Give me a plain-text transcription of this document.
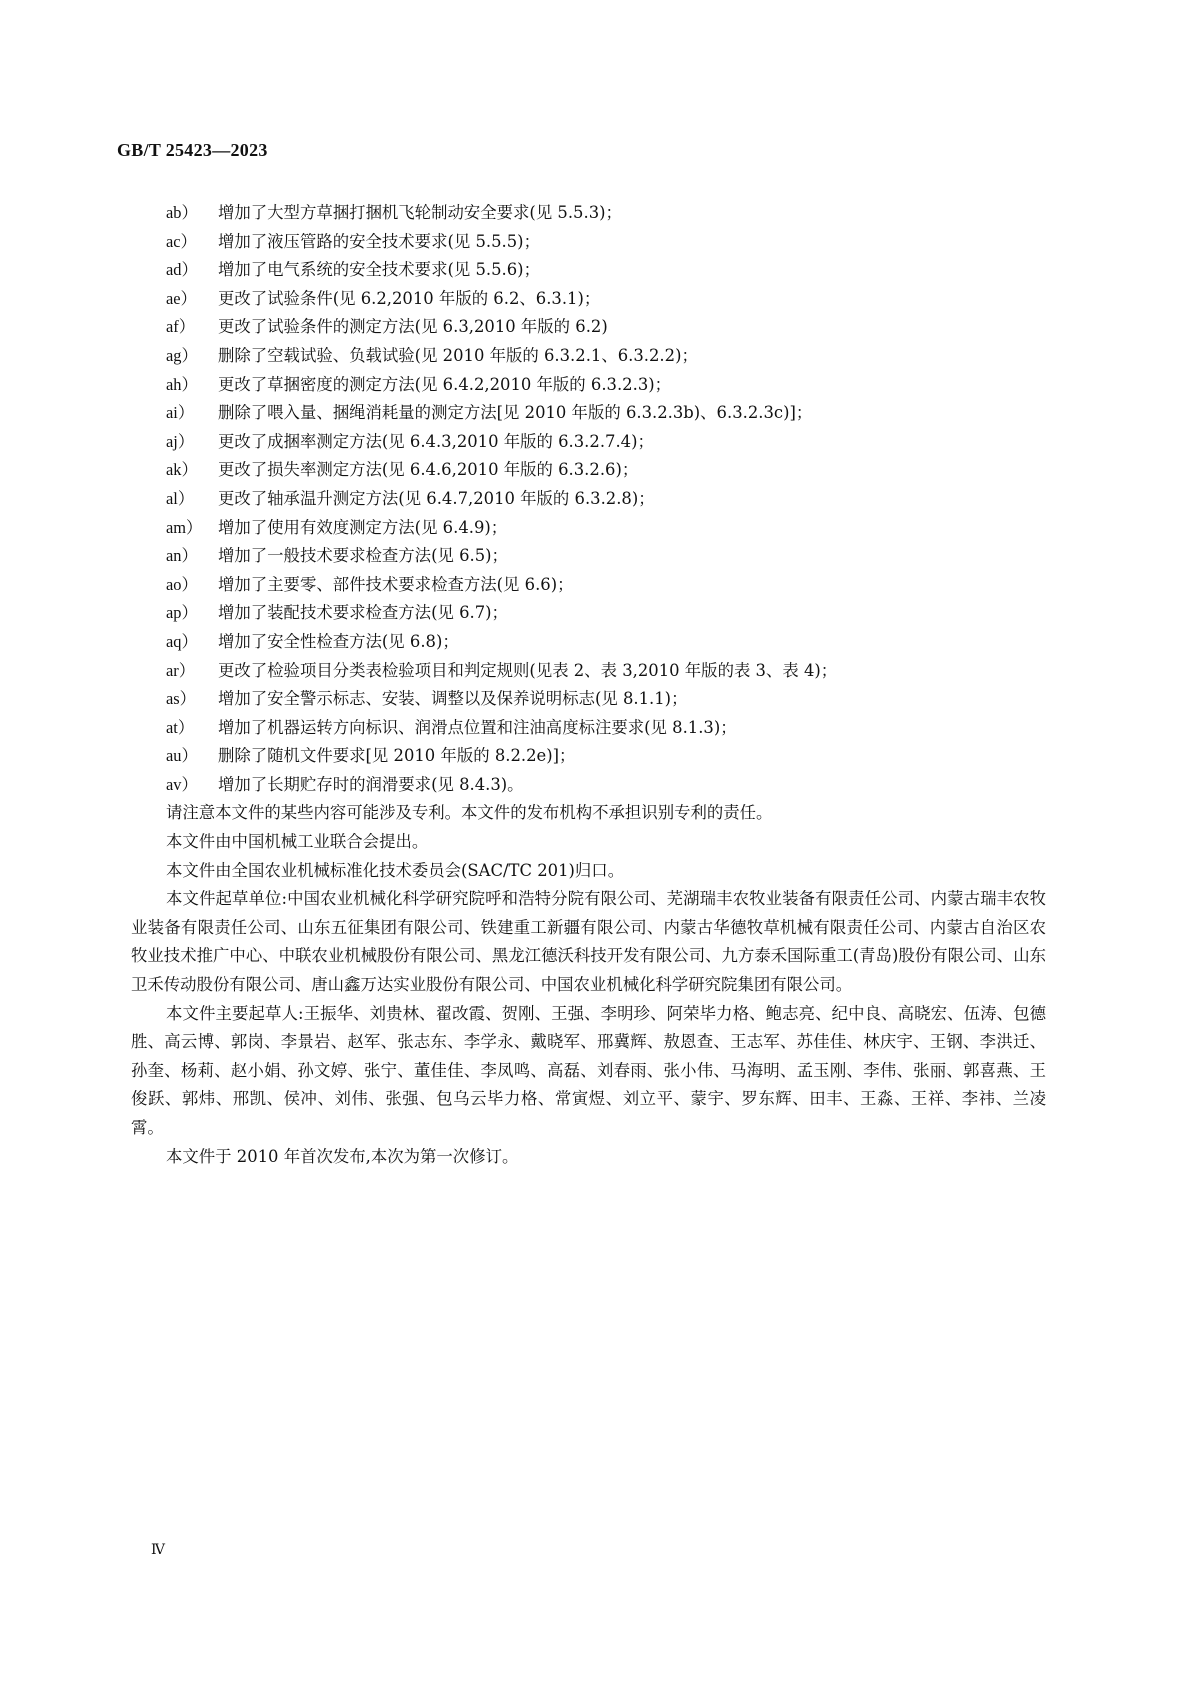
GB/T 25423—2023
ab）	增加了大型方草捆打捆机飞轮制动安全要求(见 5.5.3)；
ac）	增加了液压管路的安全技术要求(见 5.5.5)；
ad）	增加了电气系统的安全技术要求(见 5.5.6)；
ae）	更改了试验条件(见 6.2,2010 年版的 6.2、6.3.1)；
af）	更改了试验条件的测定方法(见 6.3,2010 年版的 6.2)
ag）	删除了空载试验、负载试验(见 2010 年版的 6.3.2.1、6.3.2.2)；
ah）	更改了草捆密度的测定方法(见 6.4.2,2010 年版的 6.3.2.3)；
ai）	删除了喂入量、捆绳消耗量的测定方法[见 2010 年版的 6.3.2.3b)、6.3.2.3c)]；
aj）	更改了成捆率测定方法(见 6.4.3,2010 年版的 6.3.2.7.4)；
ak）	更改了损失率测定方法(见 6.4.6,2010 年版的 6.3.2.6)；
al）	更改了轴承温升测定方法(见 6.4.7,2010 年版的 6.3.2.8)；
am） 增加了使用有效度测定方法(见 6.4.9)；
an）	增加了一般技术要求检查方法(见 6.5)；
ao）	增加了主要零、部件技术要求检查方法(见 6.6)；
ap）	增加了装配技术要求检查方法(见 6.7)；
aq）	增加了安全性检查方法(见 6.8)；
ar）	更改了检验项目分类表检验项目和判定规则(见表 2、表 3,2010 年版的表 3、表 4)；
as）	增加了安全警示标志、安装、调整以及保养说明标志(见 8.1.1)；
at）	增加了机器运转方向标识、润滑点位置和注油高度标注要求(见 8.1.3)；
au）	删除了随机文件要求[见 2010 年版的 8.2.2e)]；
av）	增加了长期贮存时的润滑要求(见 8.4.3)。

请注意本文件的某些内容可能涉及专利。本文件的发布机构不承担识别专利的责任。

本文件由中国机械工业联合会提出。

本文件由全国农业机械标准化技术委员会(SAC/TC 201)归口。

本文件起草单位:中国农业机械化科学研究院呼和浩特分院有限公司、芜湖瑞丰农牧业装备有限责任公司、内蒙古瑞丰农牧业装备有限责任公司、山东五征集团有限公司、铁建重工新疆有限公司、内蒙古华德牧草机械有限责任公司、内蒙古自治区农牧业技术推广中心、中联农业机械股份有限公司、黑龙江德沃科技开发有限公司、九方泰禾国际重工(青岛)股份有限公司、山东卫禾传动股份有限公司、唐山鑫万达实业股份有限公司、中国农业机械化科学研究院集团有限公司。

本文件主要起草人:王振华、刘贵林、翟改霞、贺刚、王强、李明珍、阿荣毕力格、鲍志亮、纪中良、高晓宏、伍涛、包德胜、高云博、郭岗、李景岩、赵军、张志东、李学永、戴晓军、邢冀辉、敖恩查、王志军、苏佳佳、林庆宇、王钢、李洪迁、孙奎、杨莉、赵小娟、孙文婷、张宁、董佳佳、李凤鸣、高磊、刘春雨、张小伟、马海明、孟玉刚、李伟、张丽、郭喜燕、王俊跃、郭炜、邢凯、侯冲、刘伟、张强、包乌云毕力格、常寅煜、刘立平、蒙宇、罗东辉、田丰、王淼、王祥、李祎、兰凌霄。

本文件于 2010 年首次发布,本次为第一次修订。

Ⅳ
